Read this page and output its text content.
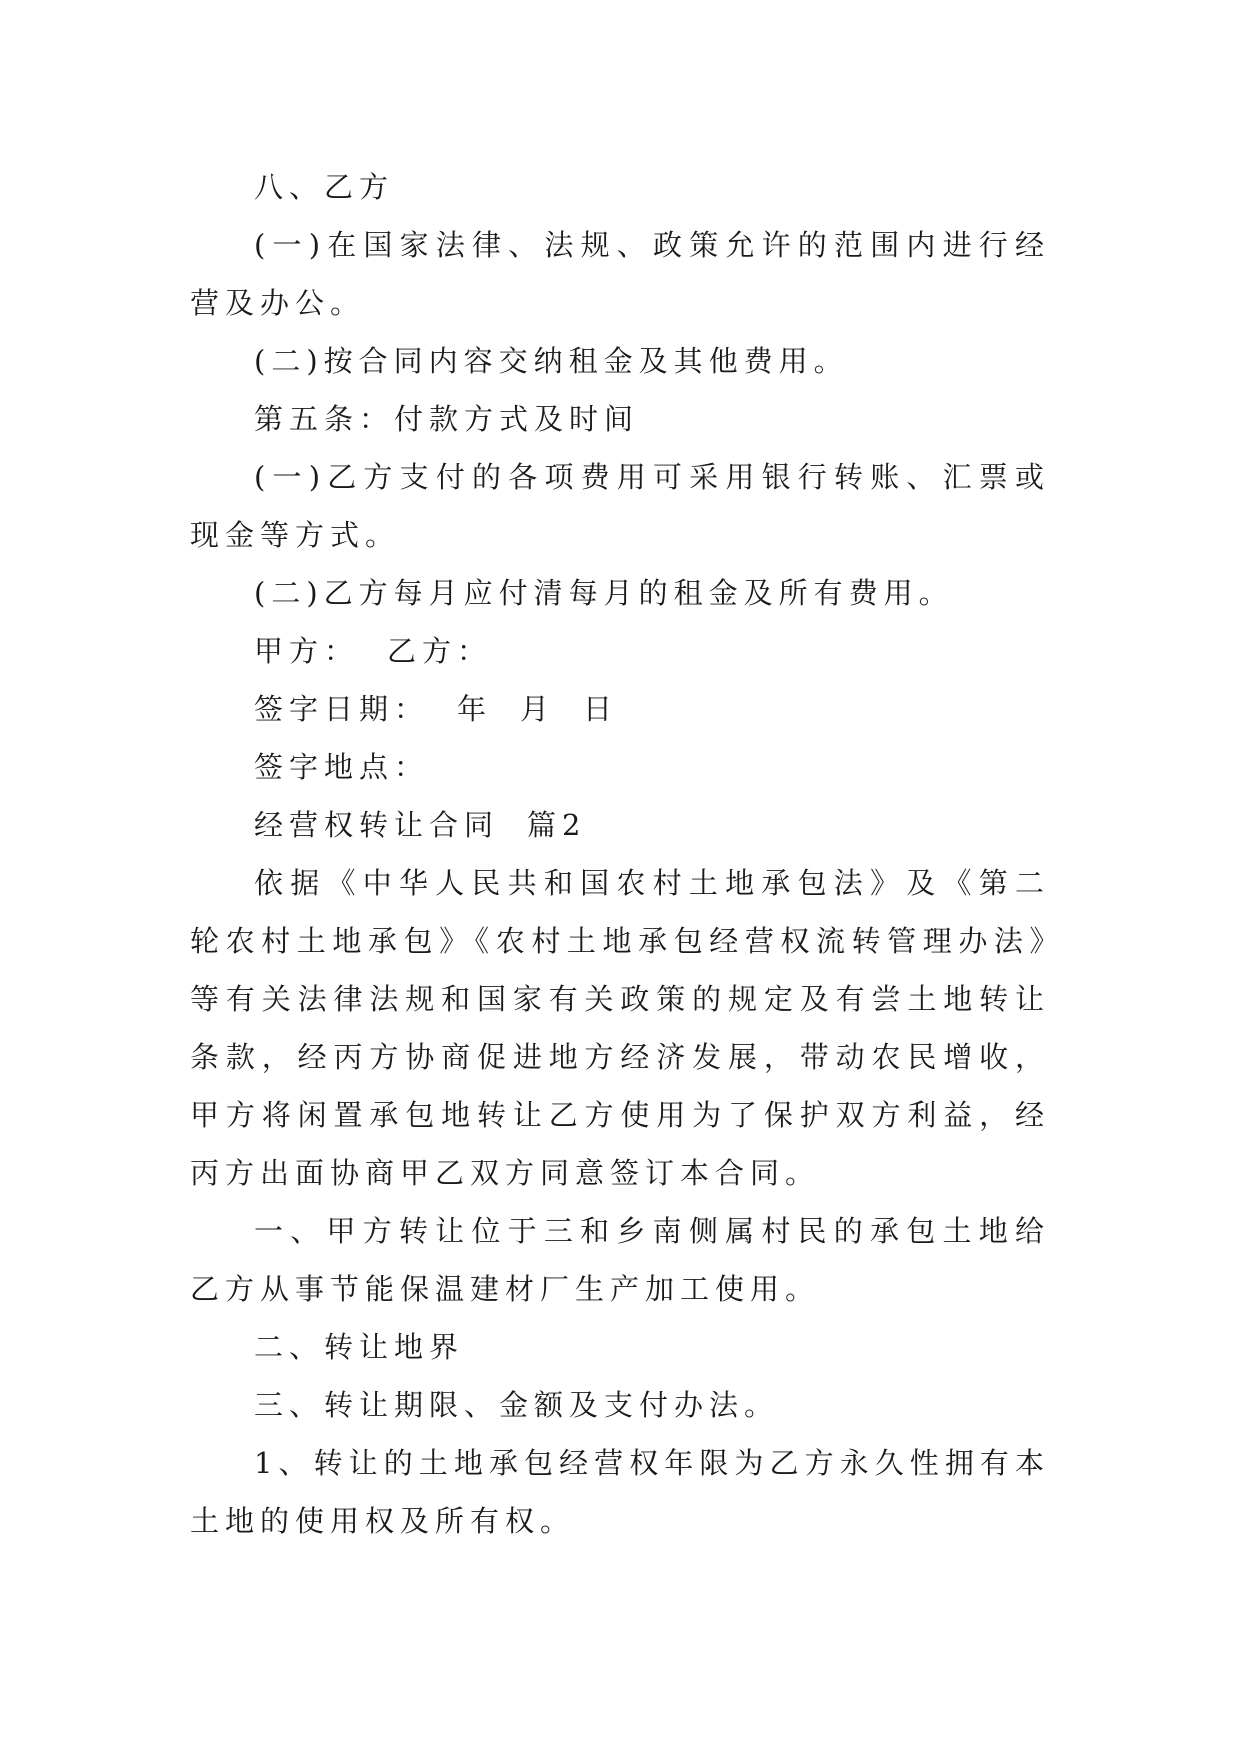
八、乙方

(一)在国家法律、法规、政策允许的范围内进行经营及办公。

(二)按合同内容交纳租金及其他费用。

第五条：付款方式及时间

(一)乙方支付的各项费用可采用银行转账、汇票或现金等方式。

(二)乙方每月应付清每月的租金及所有费用。

甲方： 乙方：

签字日期： 年 月 日

签字地点：

经营权转让合同 篇2

依据《中华人民共和国农村土地承包法》及《第二轮农村土地承包》《农村土地承包经营权流转管理办法》等有关法律法规和国家有关政策的规定及有尝土地转让条款，经丙方协商促进地方经济发展，带动农民增收，甲方将闲置承包地转让乙方使用为了保护双方利益，经丙方出面协商甲乙双方同意签订本合同。

一、甲方转让位于三和乡南侧属村民的承包土地给乙方从事节能保温建材厂生产加工使用。

二、转让地界

三、转让期限、金额及支付办法。

1、转让的土地承包经营权年限为乙方永久性拥有本土地的使用权及所有权。
